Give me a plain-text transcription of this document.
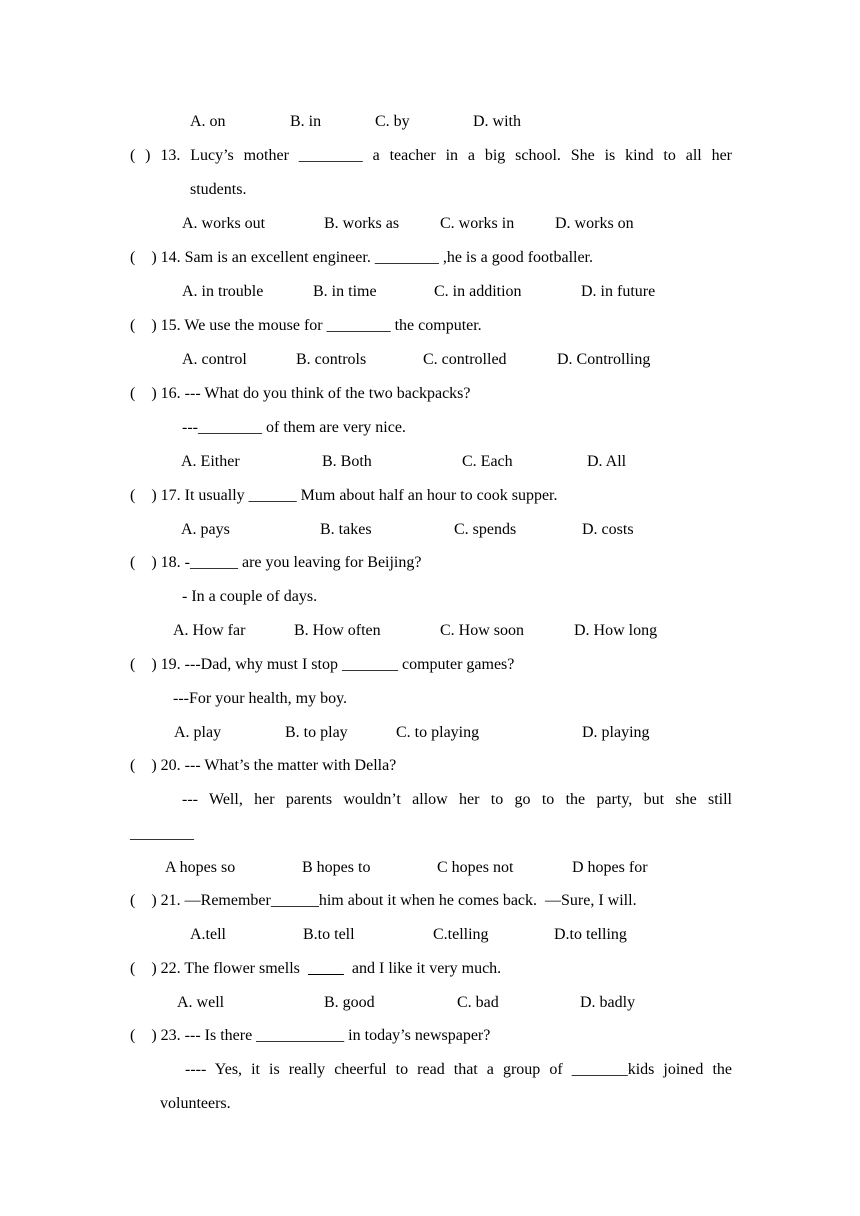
A. on	B. in	C. by	D. with
( ) 13. Lucy’s mother ________ a teacher in a big school. She is kind to all her
students.
A. works out	B. works as	C. works in	D. works on
(    ) 14. Sam is an excellent engineer. ________ ,he is a good footballer.
A. in trouble	B. in time	C. in addition	D. in future
(    ) 15. We use the mouse for ________ the computer.
A. control	B. controls	C. controlled	D. Controlling
(    ) 16. --- What do you think of the two backpacks?
---________ of them are very nice.
A. Either	B. Both	C. Each	D. All
(    ) 17. It usually ______ Mum about half an hour to cook supper.
A. pays	B. takes	C. spends	D. costs
(    ) 18. -______ are you leaving for Beijing?
- In a couple of days.
A. How far	B. How often	C. How soon	D. How long
(    ) 19. ---Dad, why must I stop _______ computer games?
---For your health, my boy.
A. play	B. to play	C. to playing	D. playing
(    ) 20. --- What’s the matter with Della?
--- Well, her parents wouldn’t allow her to go to the party, but she still
________
A hopes so	B hopes to	C hopes not	D hopes for
(    ) 21. —Remember______him about it when he comes back.  —Sure, I will.
A.tell	B.to tell	C.telling	D.to telling
(    ) 22. The flower smells             and I like it very much.
A. well	B. good	C. bad	D. badly
(    ) 23. --- Is there ___________ in today’s newspaper?
---- Yes, it is really cheerful to read that a group of _______kids joined the
volunteers.
